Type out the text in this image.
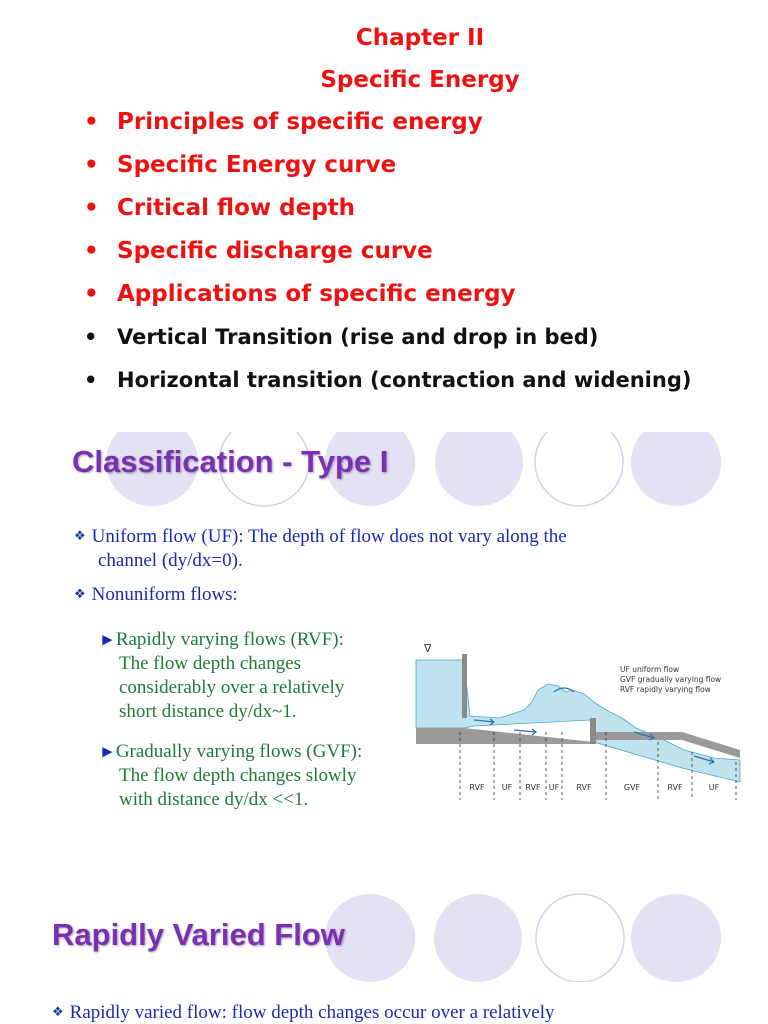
Chapter II
Specific Energy
• Principles of specific energy
• Specific Energy curve
• Critical flow depth
• Specific discharge curve
• Applications of specific energy
• Vertical Transition (rise and drop in bed)
• Horizontal transition (contraction and widening)
Classification - Type I
❖ Uniform flow (UF): The depth of flow does not vary along the
channel (dy/dx=0).
❖ Nonuniform flows:
►Rapidly varying flows (RVF):
The flow depth changes
considerably over a relatively
short distance dy/dx~1.
►Gradually varying flows (GVF):
The flow depth changes slowly
with distance dy/dx <<1.
∇
RVF UF RVF UF RVF	GVF	RVF	UF
UF uniform flow
GVF gradually varying flow
RVF rapidly varying flow
Rapidly Varied Flow
❖ Rapidly varied flow: flow depth changes occur over a relatively
